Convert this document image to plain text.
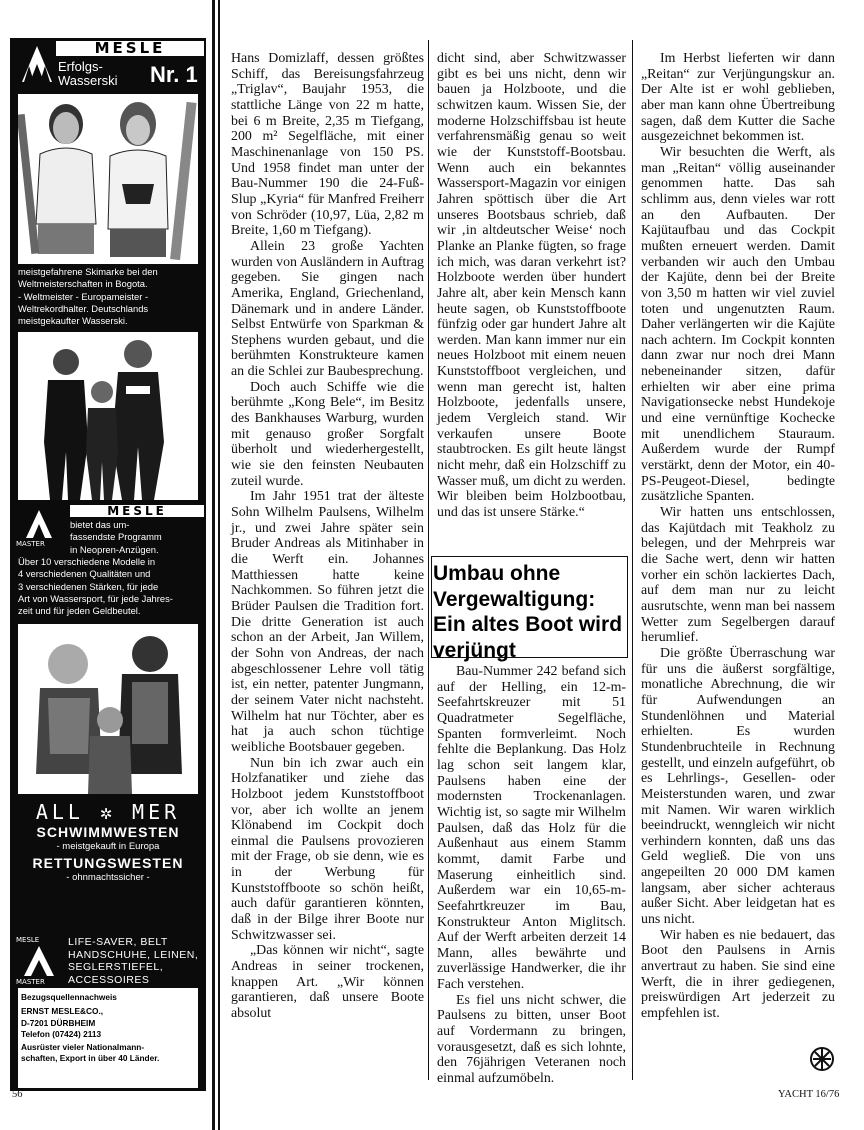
MESLE
Erfolgs-
Wasserski Nr. 1
meistgefahrene Skimarke bei den
Weltmeisterschaften in Bogota.
- Weltmeister - Europameister -
Weltrekordhalter. Deutschlands
meistgekaufter Wasserski.
MASTER
MESLE
bietet das um-
fassendste Programm
in Neopren-Anzügen.
Über 10 verschiedene Modelle in
4 verschiedenen Qualitäten und
3 verschiedenen Stärken, für jede
Art von Wassersport, für jede Jahres-
zeit und für jeden Geldbeutel.
ALL ✲ MER
SCHWIMMWESTEN
- meistgekauft in Europa
RETTUNGSWESTEN
- ohnmachtssicher -
MESLE
MASTER
LIFE-SAVER, BELT
HANDSCHUHE, LEINEN,
SEGLERSTIEFEL,
ACCESSOIRES
Bezugsquellennachweis
ERNST MESLE&CO.,
D-7201 DÜRBHEIM
Telefon (07424) 2113
Ausrüster vieler Nationalmann-
schaften, Export in über 40 Länder.

Hans Domizlaff, dessen größtes Schiff, das Bereisungsfahrzeug „Triglav“, Baujahr 1953, die stattliche Länge von 22 m hatte, bei 6 m Breite, 2,35 m Tiefgang, 200 m² Segelfläche, mit einer Maschinenanlage von 150 PS. Und 1958 findet man unter der Bau-Nummer 190 die 24-Fuß-Slup „Kyria“ für Manfred Freiherr von Schröder (10,97, Lüa, 2,82 m Breite, 1,60 m Tiefgang).

Allein 23 große Yachten wurden von Ausländern in Auftrag gegeben. Sie gingen nach Amerika, England, Griechenland, Dänemark und in andere Länder. Selbst Entwürfe von Sparkman & Stephens wurden gebaut, und die berühmten Konstrukteure kamen an die Schlei zur Baubesprechung.

Doch auch Schiffe wie die berühmte „Kong Bele“, im Besitz des Bankhauses Warburg, wurden mit genauso großer Sorgfalt überholt und wiederhergestellt, wie sie den feinsten Neubauten zuteil wurde.

Im Jahr 1951 trat der älteste Sohn Wilhelm Paulsens, Wilhelm jr., und zwei Jahre später sein Bruder Andreas als Mitinhaber in die Werft ein. Johannes Matthiessen hatte keine Nachkommen. So führen jetzt die Brüder Paulsen die Tradition fort. Die dritte Generation ist auch schon an der Arbeit, Jan Willem, der Sohn von Andreas, der nach abgeschlossener Lehre voll tätig ist, ein netter, patenter Jungmann, der seinem Vater nicht nachsteht. Wilhelm hat nur Töchter, aber es hat ja auch schon tüchtige weibliche Bootsbauer gegeben.

Nun bin ich zwar auch ein Holzfanatiker und ziehe das Holzboot jedem Kunststoffboot vor, aber ich wollte an jenem Klönabend im Cockpit doch einmal die Paulsens provozieren mit der Frage, ob sie denn, wie es in der Werbung für Kunststoffboote so schön heißt, auch dafür garantieren könnten, daß in der Bilge ihrer Boote nur Schwitzwasser sei.

„Das können wir nicht“, sagte Andreas in seiner trockenen, knappen Art. „Wir können garantieren, daß unsere Boote absolut

dicht sind, aber Schwitzwasser gibt es bei uns nicht, denn wir bauen ja Holzboote, und die schwitzen kaum. Wissen Sie, der moderne Holzschiffsbau ist heute verfahrensmäßig genau so weit wie der Kunststoff-Bootsbau. Wenn auch ein bekanntes Wassersport-Magazin vor einigen Jahren spöttisch über die Art unseres Bootsbaus schrieb, daß wir ‚in altdeutscher Weise‘ noch Planke an Planke fügten, so frage ich mich, was daran verkehrt ist? Holzboote werden über hundert Jahre alt, aber kein Mensch kann heute sagen, ob Kunststoffboote fünfzig oder gar hundert Jahre alt werden. Man kann immer nur ein neues Holzboot mit einem neuen Kunststoffboot vergleichen, und wenn man gerecht ist, halten Holzboote, jedenfalls unsere, jedem Vergleich stand. Wir verkaufen unsere Boote staubtrocken. Es gilt heute längst nicht mehr, daß ein Holzschiff zu Wasser muß, um dicht zu werden. Wir bleiben beim Holzbootbau, und das ist unsere Stärke.“

Umbau ohne Vergewaltigung: Ein altes Boot wird verjüngt

Bau-Nummer 242 befand sich auf der Helling, ein 12-m-Seefahrtskreuzer mit 51 Quadratmeter Segelfläche, Spanten formverleimt. Noch fehlte die Beplankung. Das Holz lag schon seit langem klar, Paulsens haben eine der modernsten Trockenanlagen. Wichtig ist, so sagte mir Wilhelm Paulsen, daß das Holz für die Außenhaut aus einem Stamm kommt, damit Farbe und Maserung einheitlich sind. Außerdem war ein 10,65-m-Seefahrtkreuzer im Bau, Konstrukteur Anton Miglitsch. Auf der Werft arbeiten derzeit 14 Mann, alles bewährte und zuverlässige Handwerker, die ihr Fach verstehen.

Es fiel uns nicht schwer, die Paulsens zu bitten, unser Boot auf Vordermann zu bringen, vorausgesetzt, daß es sich lohnte, den 76jährigen Veteranen noch einmal aufzumöbeln.

Im Herbst lieferten wir dann „Reitan“ zur Verjüngungskur an. Der Alte ist er wohl geblieben, aber man kann ohne Übertreibung sagen, daß dem Kutter die Sache ausgezeichnet bekommen ist.

Wir besuchten die Werft, als man „Reitan“ völlig auseinander genommen hatte. Das sah schlimm aus, denn vieles war rott an den Aufbauten. Der Kajütaufbau und das Cockpit mußten erneuert werden. Damit verbanden wir auch den Umbau der Kajüte, denn bei der Breite von 3,50 m hatten wir viel zuviel toten und ungenutzten Raum. Daher verlängerten wir die Kajüte nach achtern. Im Cockpit konnten dann zwar nur noch drei Mann nebeneinander sitzen, dafür erhielten wir aber eine prima Navigationsecke nebst Hundekoje und eine vernünftige Kochecke mit unendlichem Stauraum. Außerdem wurde der Rumpf verstärkt, denn der Motor, ein 40-PS-Peugeot-Diesel, bedingte zusätzliche Spanten.

Wir hatten uns entschlossen, das Kajütdach mit Teakholz zu belegen, und der Mehrpreis war die Sache wert, denn wir hatten vorher ein schön lackiertes Dach, auf dem man nur zu leicht ausrutschte, wenn man bei nassem Wetter zum Segelbergen darauf herumlief.

Die größte Überraschung war für uns die äußerst sorgfältige, monatliche Abrechnung, die wir für Aufwendungen an Stundenlöhnen und Material erhielten. Es wurden Stundenbruchteile in Rechnung gestellt, und einzeln aufgeführt, ob es Lehrlings-, Gesellen- oder Meisterstunden waren, und zwar mit Namen. Wir waren wirklich beeindruckt, wenngleich wir nicht verhindern konnten, daß uns das Geld wegließ. Die von uns angepeilten 20 000 DM kamen langsam, aber sicher achteraus außer Sicht. Aber leidgetan hat es uns nicht.

Wir haben es nie bedauert, das Boot den Paulsens in Arnis anvertraut zu haben. Sie sind eine Werft, die in ihrer gediegenen, preiswürdigen Art jederzeit zu empfehlen ist.

56	YACHT 16/76
